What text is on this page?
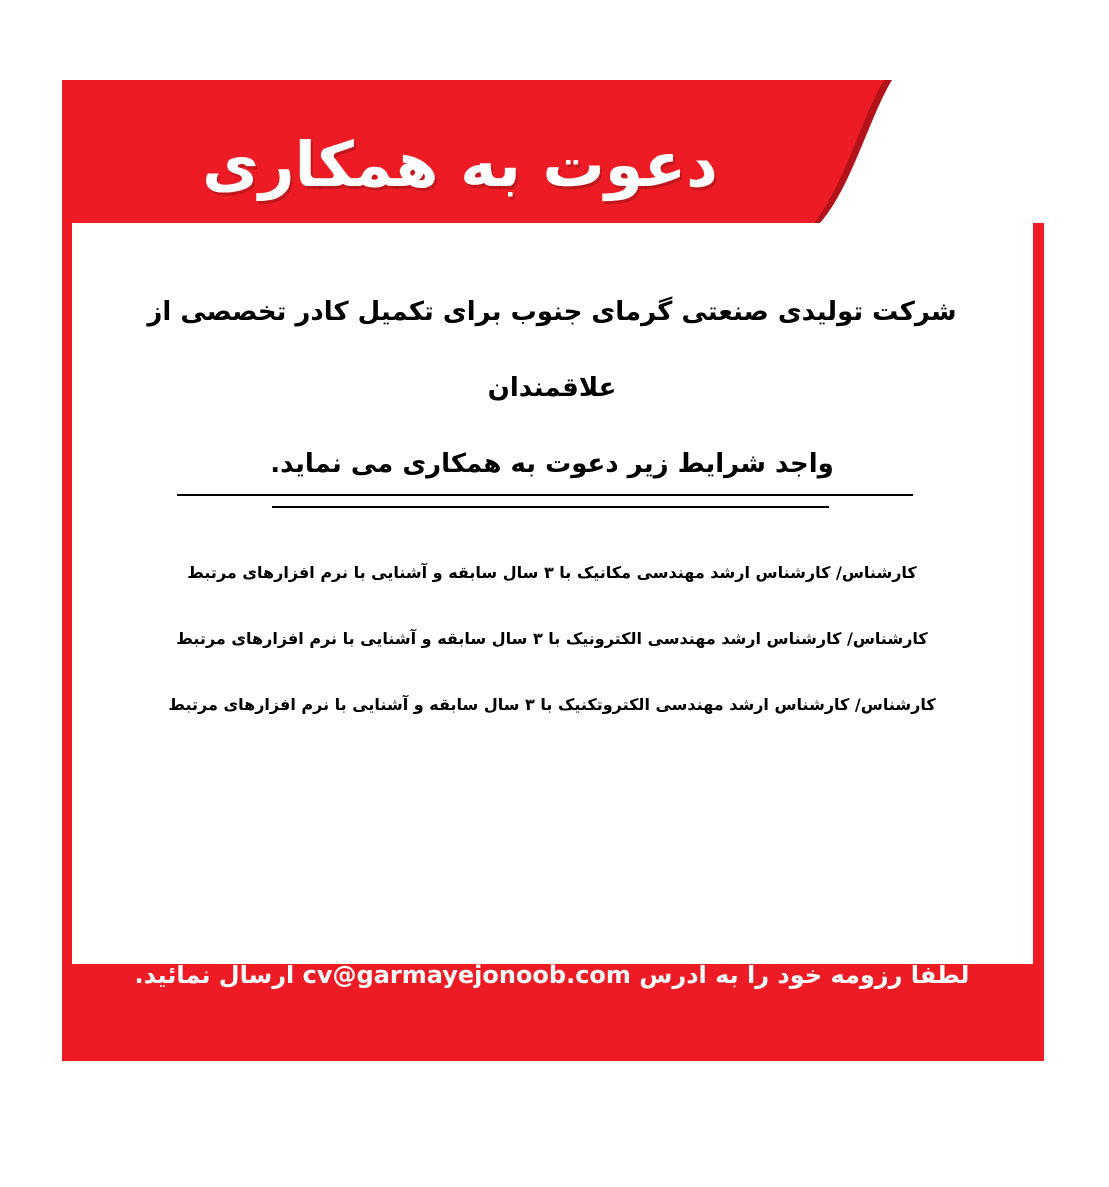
دعوت به همکاری

شرکت تولیدی صنعتی گرمای جنوب برای تکمیل کادر تخصصی از علاقمندان
واجد شرایط زیر دعوت به همکاری می نماید.

کارشناس/ کارشناس ارشد مهندسی مکانیک با ۳ سال سابقه و آشنایی با نرم افزارهای مرتبط
کارشناس/ کارشناس ارشد مهندسی الکترونیک با ۳ سال سابقه و آشنایی با نرم افزارهای مرتبط
کارشناس/ کارشناس ارشد مهندسی الکتروتکنیک با ۳ سال سابقه و آشنایی با نرم افزارهای مرتبط

لطفاً رزومه خود را به آدرس cv@garmayejonoob.com ارسال نمائید.
